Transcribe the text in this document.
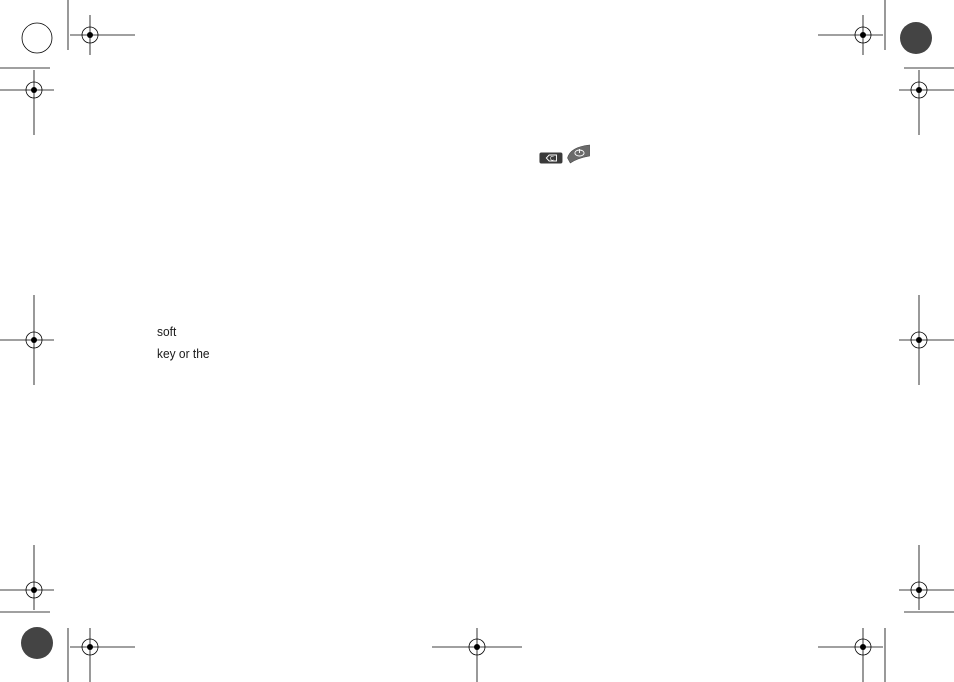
soft
key or the
C
